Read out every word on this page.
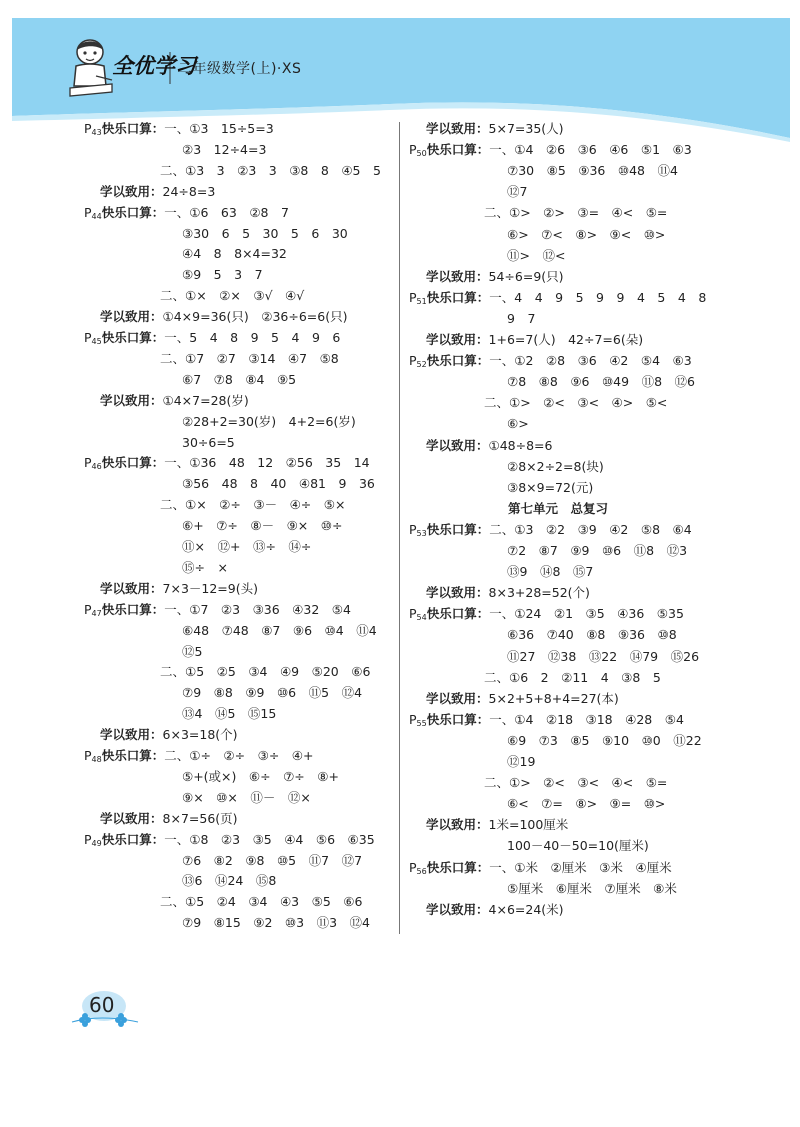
全优学习
二年级数学(上)·XS
$P_{43}$快乐口算：一、①3　15÷5=3
②3　12÷4=3
二、①3　3　②3　3　③8　8　④5　5
学以致用：24÷8=3
$P_{44}$快乐口算：一、①6　63　②8　7
③30　6　5　30　5　6　30
④4　8　8×4=32
⑤9　5　3　7
二、①×　②×　③√　④√
学以致用：①4×9=36(只)　②36÷6=6(只)
$P_{45}$快乐口算：一、5　4　8　9　5　4　9　6
二、①7　②7　③14　④7　⑤8
⑥7　⑦8　⑧4　⑨5
学以致用：①4×7=28(岁)
②28+2=30(岁)　4+2=6(岁)
30÷6=5
$P_{46}$快乐口算：一、①36　48　12　②56　35　14
③56　48　8　40　④81　9　36
二、①×　②÷　③－　④÷　⑤×
⑥+　⑦÷　⑧－　⑨×　⑩÷
⑪×　⑫+　⑬÷　⑭÷
⑮÷　×
学以致用：7×3－12=9(头)
$P_{47}$快乐口算：一、①7　②3　③36　④32　⑤4
⑥48　⑦48　⑧7　⑨6　⑩4　⑪4
⑫5
二、①5　②5　③4　④9　⑤20　⑥6
⑦9　⑧8　⑨9　⑩6　⑪5　⑫4
⑬4　⑭5　⑮15
学以致用：6×3=18(个)
$P_{48}$快乐口算：二、①÷　②÷　③÷　④+
⑤+(或×)　⑥÷　⑦÷　⑧+
⑨×　⑩×　⑪－　⑫×
学以致用：8×7=56(页)
$P_{49}$快乐口算：一、①8　②3　③5　④4　⑤6　⑥35
⑦6　⑧2　⑨8　⑩5　⑪7　⑫7
⑬6　⑭24　⑮8
二、①5　②4　③4　④3　⑤5　⑥6
⑦9　⑧15　⑨2　⑩3　⑪3　⑫4
学以致用：5×7=35(人)
$P_{50}$快乐口算：一、①4　②6　③6　④6　⑤1　⑥3
⑦30　⑧5　⑨36　⑩48　⑪4
⑫7
二、①>　②>　③=　④<　⑤=
⑥>　⑦<　⑧>　⑨<　⑩>
⑪>　⑫<
学以致用：54÷6=9(只)
$P_{51}$快乐口算：一、4　4　9　5　9　9　4　5　4　8
9　7
学以致用：1+6=7(人)　42÷7=6(朵)
$P_{52}$快乐口算：一、①2　②8　③6　④2　⑤4　⑥3
⑦8　⑧8　⑨6　⑩49　⑪8　⑫6
二、①>　②<　③<　④>　⑤<
⑥>
学以致用：①48÷8=6
②8×2÷2=8(块)
③8×9=72(元)
第七单元　总复习
$P_{53}$快乐口算：二、①3　②2　③9　④2　⑤8　⑥4
⑦2　⑧7　⑨9　⑩6　⑪8　⑫3
⑬9　⑭8　⑮7
学以致用：8×3+28=52(个)
$P_{54}$快乐口算：一、①24　②1　③5　④36　⑤35
⑥36　⑦40　⑧8　⑨36　⑩8
⑪27　⑫38　⑬22　⑭79　⑮26
二、①6　2　②11　4　③8　5
学以致用：5×2+5+8+4=27(本)
$P_{55}$快乐口算：一、①4　②18　③18　④28　⑤4
⑥9　⑦3　⑧5　⑨10　⑩0　⑪22
⑫19
二、①>　②<　③<　④<　⑤=
⑥<　⑦=　⑧>　⑨=　⑩>
学以致用：1米=100厘米
100－40－50=10(厘米)
$P_{56}$快乐口算：一、①米　②厘米　③米　④厘米
⑤厘米　⑥厘米　⑦厘米　⑧米
学以致用：4×6=24(米)
60
